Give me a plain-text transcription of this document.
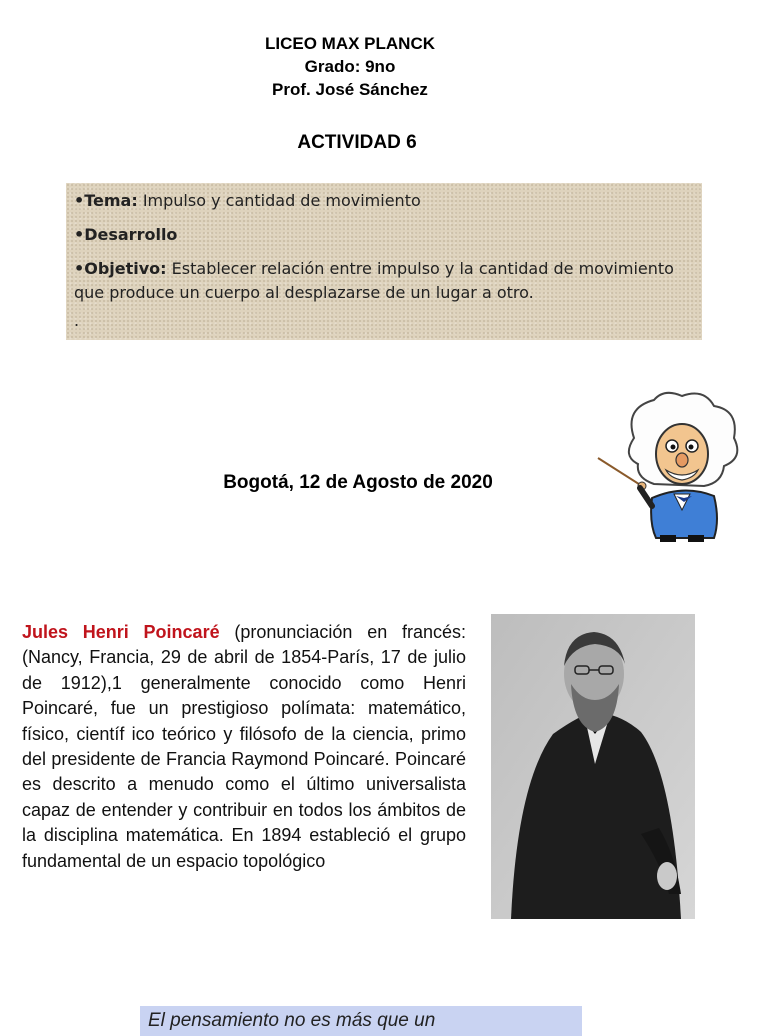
LICEO MAX PLANCK
Grado: 9no
Prof. José Sánchez
ACTIVIDAD 6

•Tema: Impulso y cantidad de movimiento

•Desarrollo

•Objetivo: Establecer relación entre impulso y la cantidad de movimiento que produce un cuerpo al desplazarse de un lugar a otro.

.

Bogotá, 12 de Agosto de 2020
Jules Henri Poincaré (pronunciación en francés: (Nancy, Francia, 29 de abril de 1854-París, 17 de julio de 1912),1 generalmente conocido como Henri Poincaré, fue un prestigioso polímata: matemático, físico, científ ico teórico y filósofo de la ciencia, primo del presidente de Francia Raymond Poincaré. Poincaré es descrito a menudo como el último universalista capaz de entender y contribuir en todos los ámbitos de la disciplina matemática. En 1894 estableció el grupo fundamental de un espacio topológico
El pensamiento no es más que un
